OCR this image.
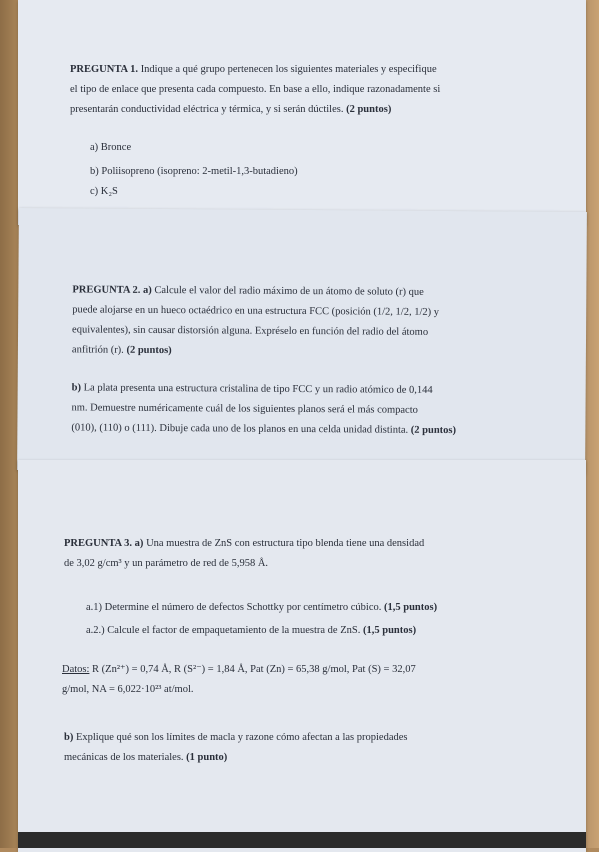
PREGUNTA 1. Indique a qué grupo pertenecen los siguientes materiales y especifique
el tipo de enlace que presenta cada compuesto. En base a ello, indique razonadamente si
presentarán conductividad eléctrica y térmica, y si serán dúctiles. (2 puntos)
a) Bronce
b) Poliisopreno (isopreno: 2-metil-1,3-butadieno)
c) K₂S
PREGUNTA 2. a) Calcule el valor del radio máximo de un átomo de soluto (r) que
puede alojarse en un hueco octaédrico en una estructura FCC (posición (1/2, 1/2, 1/2) y
equivalentes), sin causar distorsión alguna. Expréselo en función del radio del átomo
anfitrión (r). (2 puntos)
b) La plata presenta una estructura cristalina de tipo FCC y un radio atómico de 0,144
nm. Demuestre numéricamente cuál de los siguientes planos será el más compacto
(010), (110) o (111). Dibuje cada uno de los planos en una celda unidad distinta. (2 puntos)
PREGUNTA 3. a) Una muestra de ZnS con estructura tipo blenda tiene una densidad
de 3,02 g/cm³ y un parámetro de red de 5,958 Å.
a.1) Determine el número de defectos Schottky por centímetro cúbico. (1,5 puntos)
a.2.) Calcule el factor de empaquetamiento de la muestra de ZnS. (1,5 puntos)
Datos: R (Zn²⁺) = 0,74 Å, R (S²⁻) = 1,84 Å, Pat (Zn) = 65,38 g/mol, Pat (S) = 32,07
g/mol, NA = 6,022·10²³ at/mol.
b) Explique qué son los límites de macla y razone cómo afectan a las propiedades
mecánicas de los materiales. (1 punto)
